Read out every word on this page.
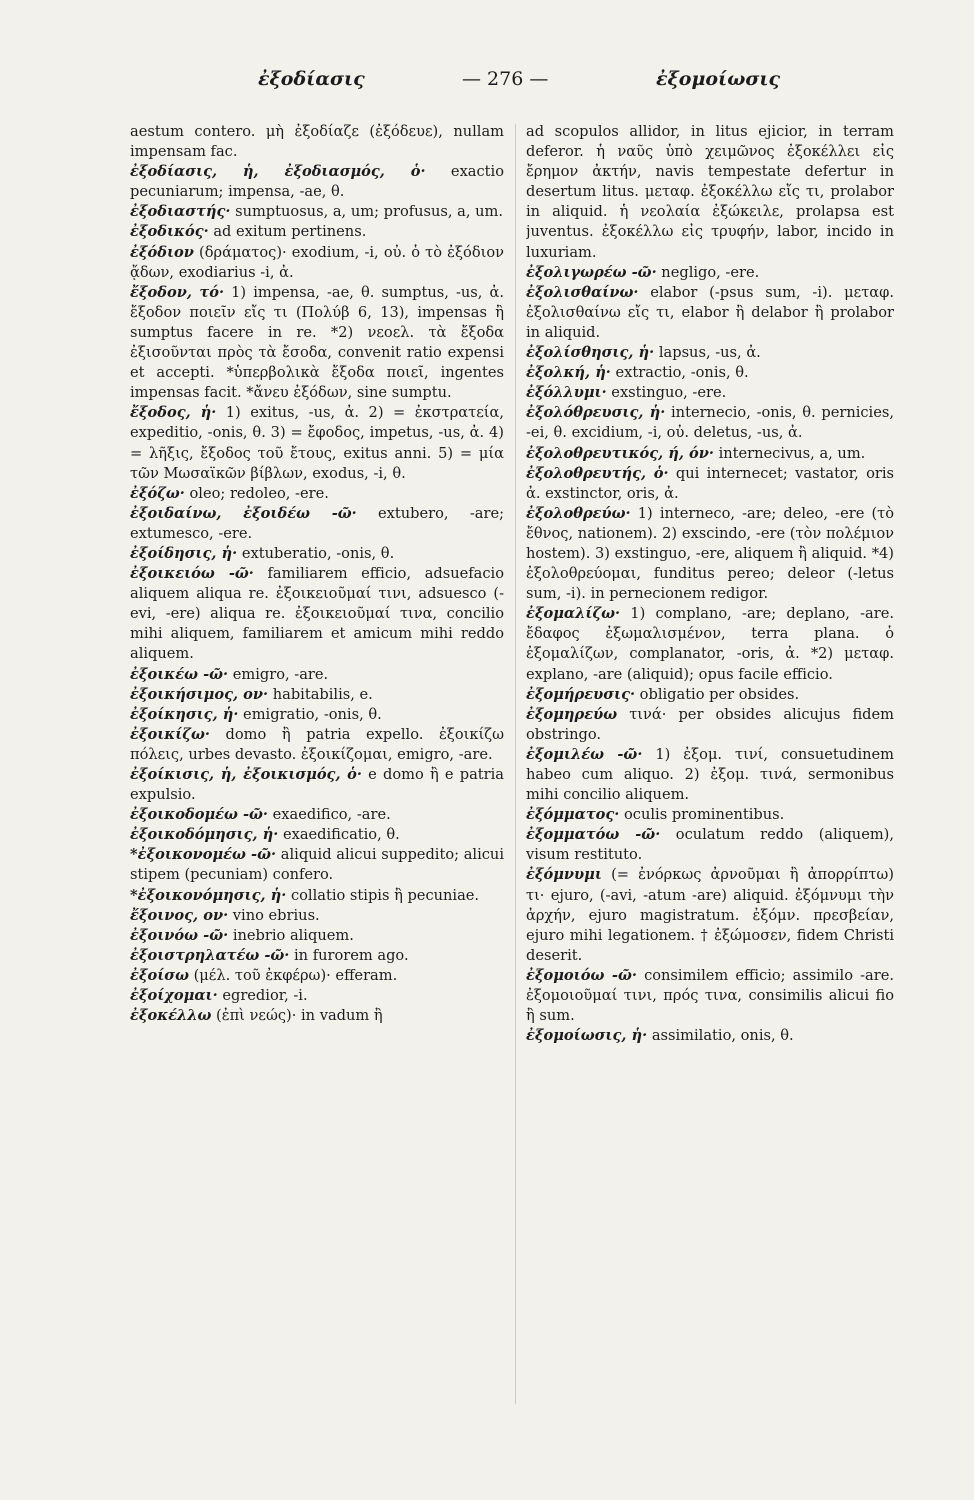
ἐξοδίασις	— 276 —	ἐξομοίωσις

aestum contero. μὴ ἐξοδίαζε (ἐξόδευε), nullam impensam fac.

ἐξοδίασις, ἡ, ἐξοδιασμός, ὁ· exactio pecuniarum; impensa, -ae, θ.

ἐξοδιαστής· sumptuosus, a, um; profusus, a, um.

ἐξοδικός· ad exitum pertinens.

ἐξόδιον (δράματος)· exodium, -i, οὐ. ὁ τὸ ἐξόδιον ᾄδων, exodiarius -i, ἀ.

ἔξοδον, τό· 1) impensa, -ae, θ. sumptus, -us, ἀ. ἔξοδον ποιεῖν εἴς τι (Πολύβ 6, 13), impensas ἢ sumptus facere in re. *2) νεοελ. τὰ ἔξοδα ἐξισοῦνται πρὸς τὰ ἔσοδα, convenit ratio expensi et accepti. *ὑπερβολικὰ ἔξοδα ποιεῖ, ingentes impensas facit. *ἄνευ ἐξόδων, sine sumptu.

ἔξοδος, ἡ· 1) exitus, -us, ἀ. 2) = ἐκστρατεία, expeditio, -onis, θ. 3) = ἔφοδος, impetus, -us, ἀ. 4) = λῆξις, ἔξοδος τοῦ ἔτους, exitus anni. 5) = μία τῶν Μωσαϊκῶν βίβλων, exodus, -i, θ.

ἐξόζω· oleo; redoleo, -ere.

ἐξοιδαίνω, ἐξοιδέω -ῶ· extubero, -are; extumesco, -ere.

ἐξοίδησις, ἡ· extuberatio, -onis, θ.

ἐξοικειόω -ῶ· familiarem efficio, adsuefacio aliquem aliqua re. ἐξοικειοῦμαί τινι, adsuesco (-evi, -ere) aliqua re. ἐξοικειοῦμαί τινα, concilio mihi aliquem, familiarem et amicum mihi reddo aliquem.

ἐξοικέω -ῶ· emigro, -are.

ἐξοικήσιμος, ον· habitabilis, e.

ἐξοίκησις, ἡ· emigratio, -onis, θ.

ἐξοικίζω· domo ἢ patria expello. ἐξοικίζω πόλεις, urbes devasto. ἐξοικίζομαι, emigro, -are.

ἐξοίκισις, ἡ, ἐξοικισμός, ὁ· e domo ἢ e patria expulsio.

ἐξοικοδομέω -ῶ· exaedifico, -are.

ἐξοικοδόμησις, ἡ· exaedificatio, θ.

*ἐξοικονομέω -ῶ· aliquid alicui suppedito; alicui stipem (pecuniam) confero.

*ἐξοικονόμησις, ἡ· collatio stipis ἢ pecuniae.

ἔξοινος, ον· vino ebrius.

ἐξοινόω -ῶ· inebrio aliquem.

ἐξοιστρηλατέω -ῶ· in furorem ago.

ἐξοίσω (μέλ. τοῦ ἐκφέρω)· efferam.

ἐξοίχομαι· egredior, -i.

ἐξοκέλλω (ἐπὶ νεώς)· in vadum ἢ

ad scopulos allidor, in litus ejicior, in terram deferor. ἡ ναῦς ὑπὸ χειμῶνος ἐξοκέλλει εἰς ἔρημον ἀκτήν, navis tempestate defertur in desertum litus. μεταφ. ἐξοκέλλω εἴς τι, prolabor in aliquid. ἡ νεολαία ἐξώκειλε, prolapsa est juventus. ἐξοκέλλω εἰς τρυφήν, labor, incido in luxuriam.

ἐξολιγωρέω -ῶ· negligo, -ere.

ἐξολισθαίνω· elabor (-psus sum, -i). μεταφ. ἐξολισθαίνω εἴς τι, elabor ἢ delabor ἢ prolabor in aliquid.

ἐξολίσθησις, ἡ· lapsus, -us, ἀ.

ἐξολκή, ἡ· extractio, -onis, θ.

ἐξόλλυμι· exstinguo, -ere.

ἐξολόθρευσις, ἡ· internecio, -onis, θ. pernicies, -ei, θ. excidium, -i, οὐ. deletus, -us, ἀ.

ἐξολοθρευτικός, ή, όν· internecivus, a, um.

ἐξολοθρευτής, ὁ· qui internecet; vastator, oris ἀ. exstinctor, oris, ἀ.

ἐξολοθρεύω· 1) interneco, -are; deleo, -ere (τὸ ἔθνος, nationem). 2) exscindo, -ere (τὸν πολέμιον hostem). 3) exstinguo, -ere, aliquem ἢ aliquid. *4) ἐξολοθρεύομαι, funditus pereo; deleor (-letus sum, -i). in pernecionem redigor.

ἐξομαλίζω· 1) complano, -are; deplano, -are. ἔδαφος ἐξωμαλισμένον, terra plana. ὁ ἐξομαλίζων, complanator, -oris, ἀ. *2) μεταφ. explano, -are (aliquid); opus facile efficio.

ἐξομήρευσις· obligatio per obsides.

ἐξομηρεύω τινά· per obsides alicujus fidem obstringo.

ἐξομιλέω -ῶ· 1) ἐξομ. τινί, consuetudinem habeo cum aliquo. 2) ἐξομ. τινά, sermonibus mihi concilio aliquem.

ἐξόμματος· oculis prominentibus.

ἐξομματόω -ῶ· oculatum reddo (aliquem), visum restituto.

ἐξόμνυμι (= ἐνόρκως ἀρνοῦμαι ἢ ἀπορρίπτω) τι· ejuro, (-avi, -atum -are) aliquid. ἐξόμνυμι τὴν ἀρχήν, ejuro magistratum. ἐξόμν. πρεσβείαν, ejuro mihi legationem. † ἐξώμοσεν, fidem Christi deserit.

ἐξομοιόω -ῶ· consimilem efficio; assimilo -are. ἐξομοιοῦμαί τινι, πρός τινα, consimilis alicui fio ἢ sum.

ἐξομοίωσις, ἡ· assimilatio, onis, θ.
